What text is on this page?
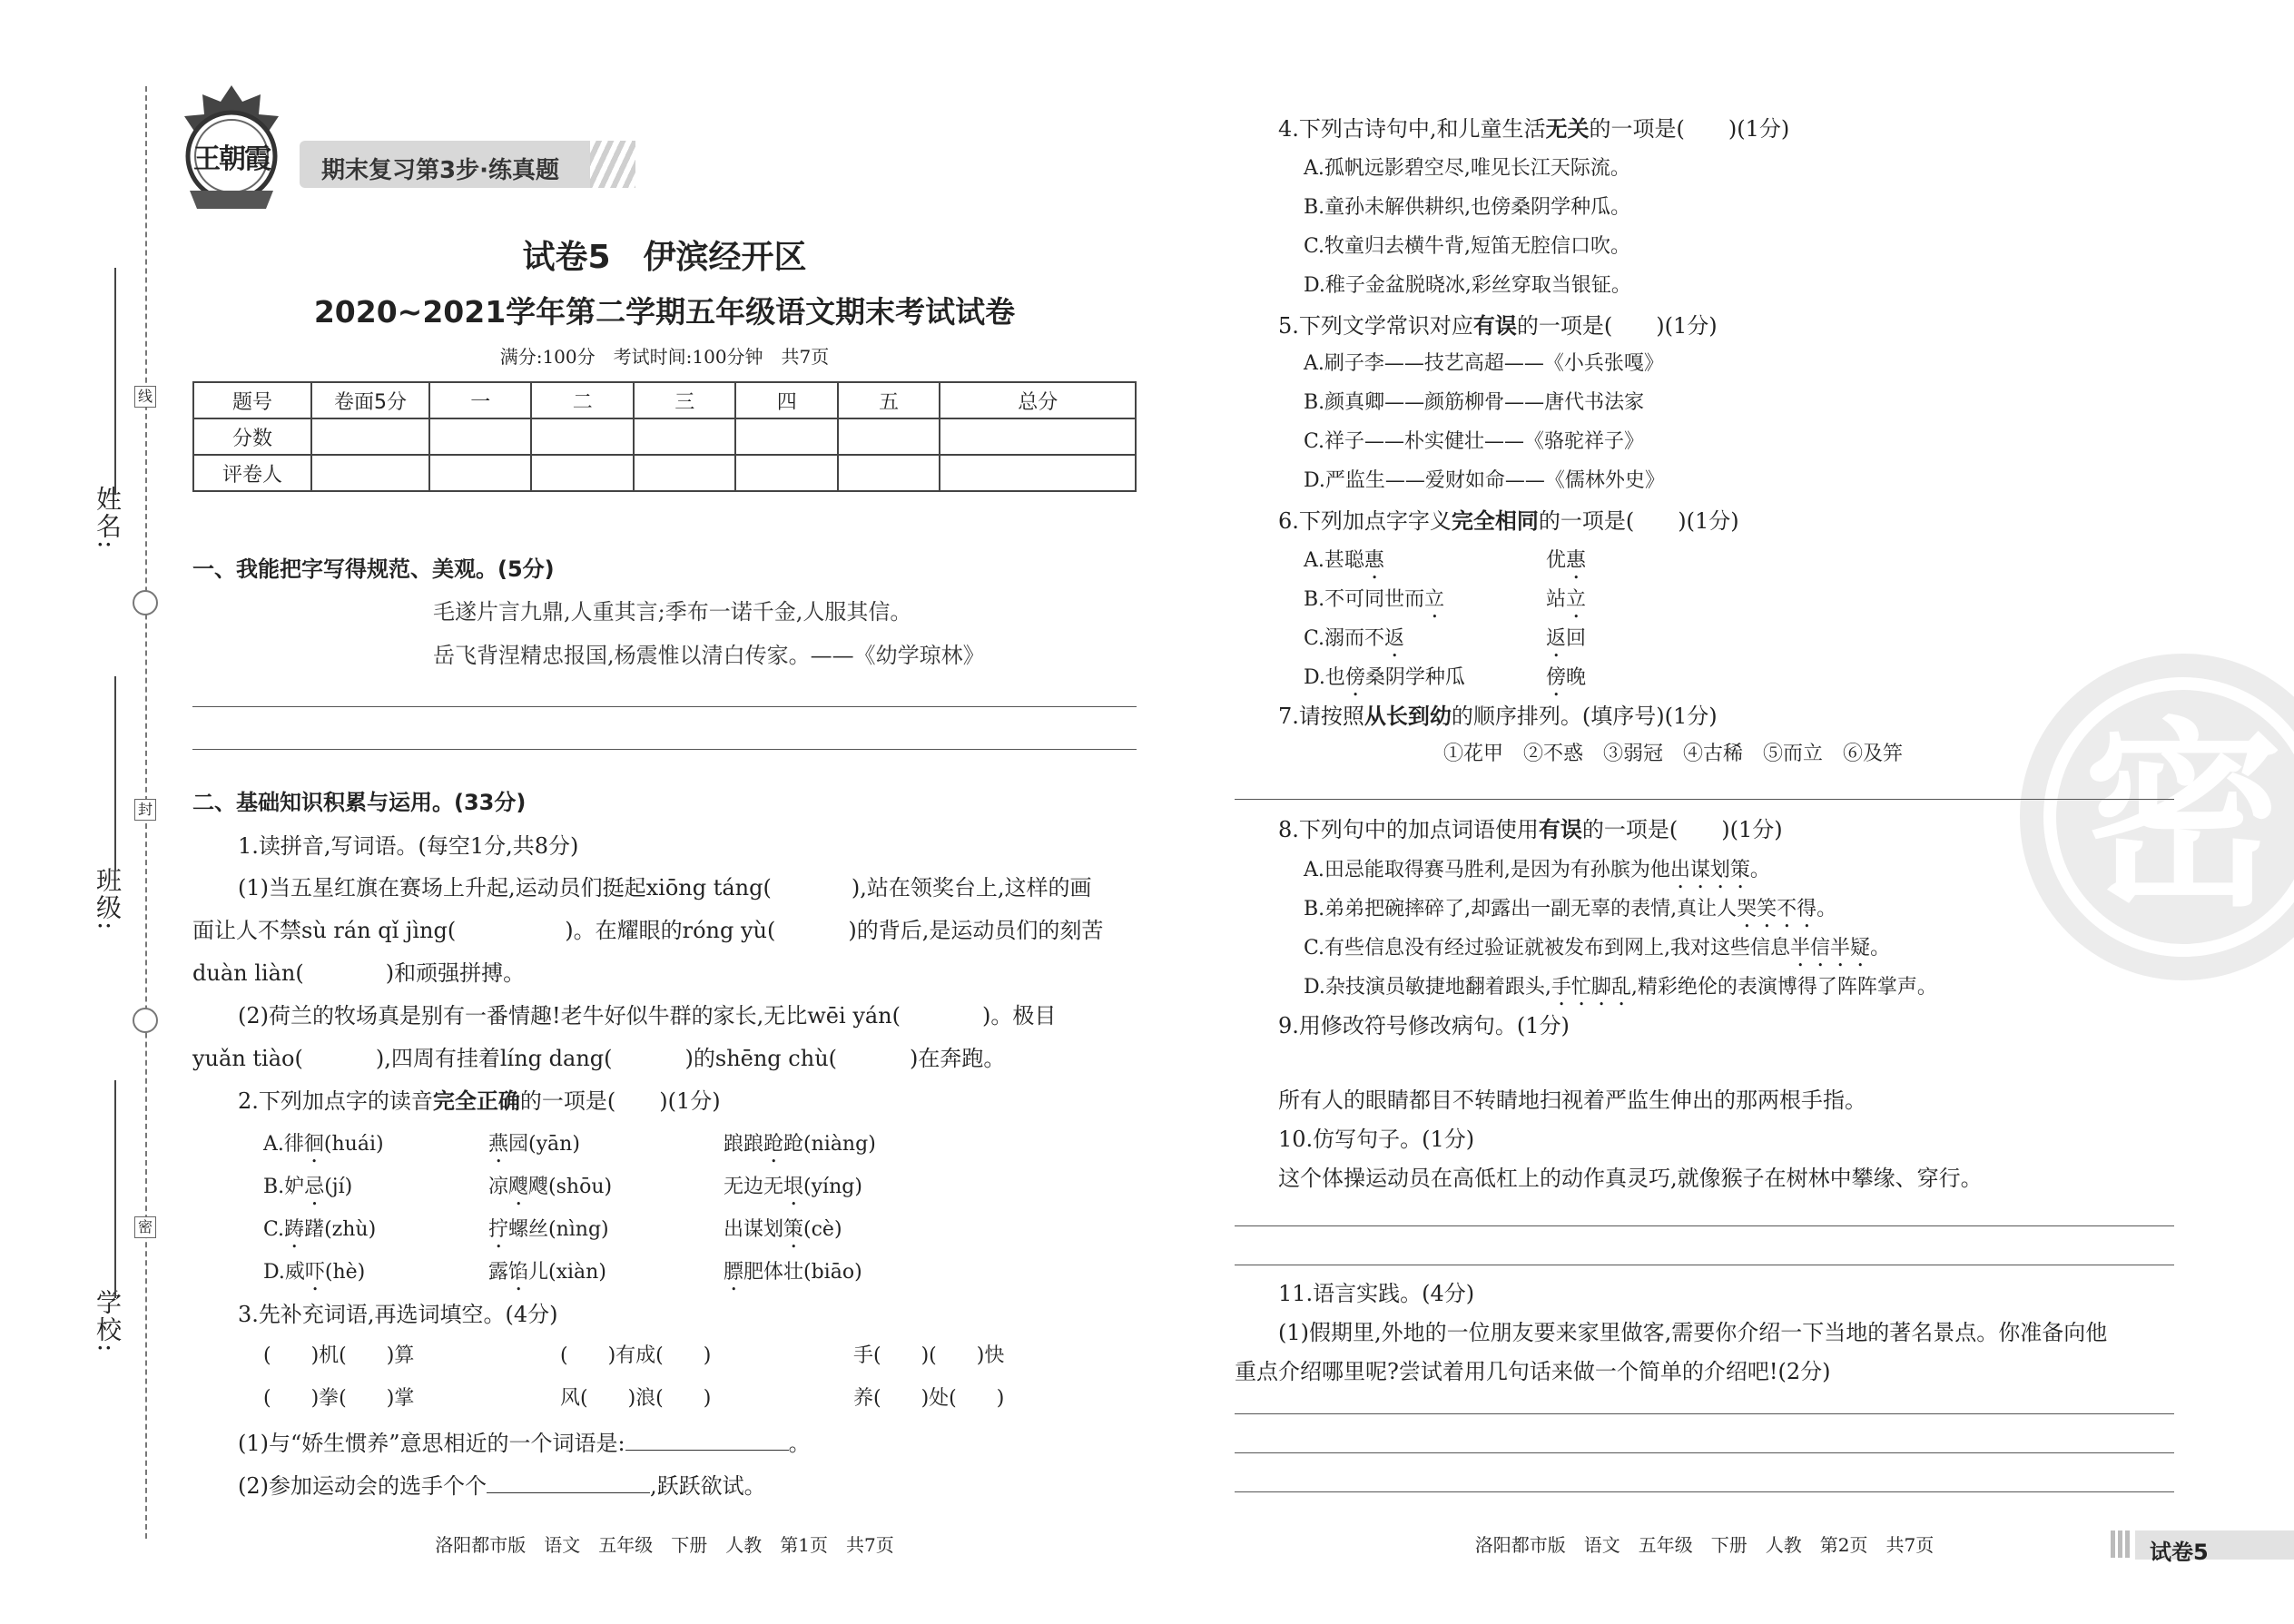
线
封
密
姓名:
班级:
学校:
王朝霞 期末复习第3步·练真题
试卷5　伊滨经开区
2020~2021学年第二学期五年级语文期末考试试卷
满分:100分　考试时间:100分钟　共7页
题号	卷面5分	一	二	三	四	五	总分
分数							
评卷人							
一、我能把字写得规范、美观。(5分)
毛遂片言九鼎,人重其言;季布一诺千金,人服其信。
岳飞背涅精忠报国,杨震惟以清白传家。——《幼学琼林》
二、基础知识积累与运用。(33分)
1.读拼音,写词语。(每空1分,共8分)
(1)当五星红旗在赛场上升起,运动员们挺起xiōng táng(	),站在领奖台上,这样的画
面让人不禁sù rán qǐ jìng(	)。在耀眼的róng yù(	)的背后,是运动员们的刻苦
duàn liàn(	)和顽强拼搏。
(2)荷兰的牧场真是别有一番情趣!老牛好似牛群的家长,无比wēi yán(	)。极目
yuǎn tiào(	),四周有挂着líng dang(	)的shēng chù(	)在奔跑。
2.下列加点字的读音完全正确的一项是(　　)(1分)
A.徘徊(huái)	燕园(yān)	踉踉跄跄(niàng)
B.妒忌(jí)	凉飕飕(shōu)	无边无垠(yíng)
C.踌躇(zhù)	拧螺丝(nìng)	出谋划策(cè)
D.威吓(hè)	露馅儿(xiàn)	膘肥体壮(biāo)
3.先补充词语,再选词填空。(4分)
(　　)机(　　)算	(　　)有成(　　)	手(　　)(　　)快
(　　)拳(　　)掌	风(　　)浪(　　)	养(　　)处(　　)
(1)与“娇生惯养”意思相近的一个词语是:	。
(2)参加运动会的选手个个	,跃跃欲试。
洛阳都市版　语文　五年级　下册　人教　第1页　共7页
密
4.下列古诗句中,和儿童生活无关的一项是(　　)(1分)
A.孤帆远影碧空尽,唯见长江天际流。
B.童孙未解供耕织,也傍桑阴学种瓜。
C.牧童归去横牛背,短笛无腔信口吹。
D.稚子金盆脱晓冰,彩丝穿取当银钲。
5.下列文学常识对应有误的一项是(　　)(1分)
A.刷子李——技艺高超——《小兵张嘎》
B.颜真卿——颜筋柳骨——唐代书法家
C.祥子——朴实健壮——《骆驼祥子》
D.严监生——爱财如命——《儒林外史》
6.下列加点字字义完全相同的一项是(　　)(1分)
A.甚聪惠	优惠
B.不可同世而立	站立
C.溺而不返	返回
D.也傍桑阴学种瓜	傍晚
7.请按照从长到幼的顺序排列。(填序号)(1分)
①花甲　②不惑　③弱冠　④古稀　⑤而立　⑥及笄
8.下列句中的加点词语使用有误的一项是(　　)(1分)
A.田忌能取得赛马胜利,是因为有孙膑为他出谋划策。
B.弟弟把碗摔碎了,却露出一副无辜的表情,真让人哭笑不得。
C.有些信息没有经过验证就被发布到网上,我对这些信息半信半疑。
D.杂技演员敏捷地翻着跟头,手忙脚乱,精彩绝伦的表演博得了阵阵掌声。
9.用修改符号修改病句。(1分)
所有人的眼睛都目不转睛地扫视着严监生伸出的那两根手指。
10.仿写句子。(1分)
这个体操运动员在高低杠上的动作真灵巧,就像猴子在树林中攀缘、穿行。
11.语言实践。(4分)
(1)假期里,外地的一位朋友要来家里做客,需要你介绍一下当地的著名景点。你准备向他
重点介绍哪里呢?尝试着用几句话来做一个简单的介绍吧!(2分)
洛阳都市版　语文　五年级　下册　人教　第2页　共7页	试卷5
